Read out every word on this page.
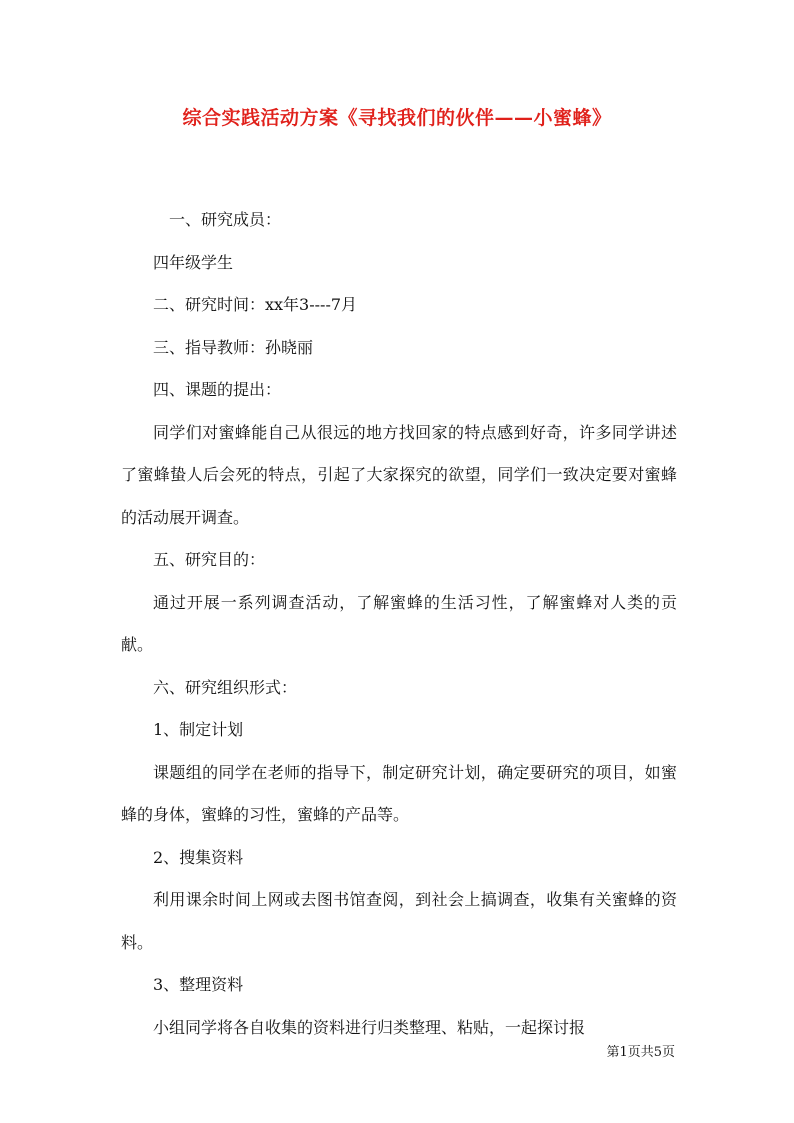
综合实践活动方案《寻找我们的伙伴——小蜜蜂》

一、研究成员：

四年级学生

二、研究时间：xx年3----7月

三、指导教师：孙晓丽

四、课题的提出：

同学们对蜜蜂能自己从很远的地方找回家的特点感到好奇，许多同学讲述了蜜蜂蛰人后会死的特点，引起了大家探究的欲望，同学们一致决定要对蜜蜂的活动展开调查。

五、研究目的：

通过开展一系列调查活动，了解蜜蜂的生活习性，了解蜜蜂对人类的贡献。

六、研究组织形式：

1、制定计划

课题组的同学在老师的指导下，制定研究计划，确定要研究的项目，如蜜蜂的身体，蜜蜂的习性，蜜蜂的产品等。

2、搜集资料

利用课余时间上网或去图书馆查阅，到社会上搞调查，收集有关蜜蜂的资料。

3、整理资料

小组同学将各自收集的资料进行归类整理、粘贴，一起探讨报

第1页共5页
